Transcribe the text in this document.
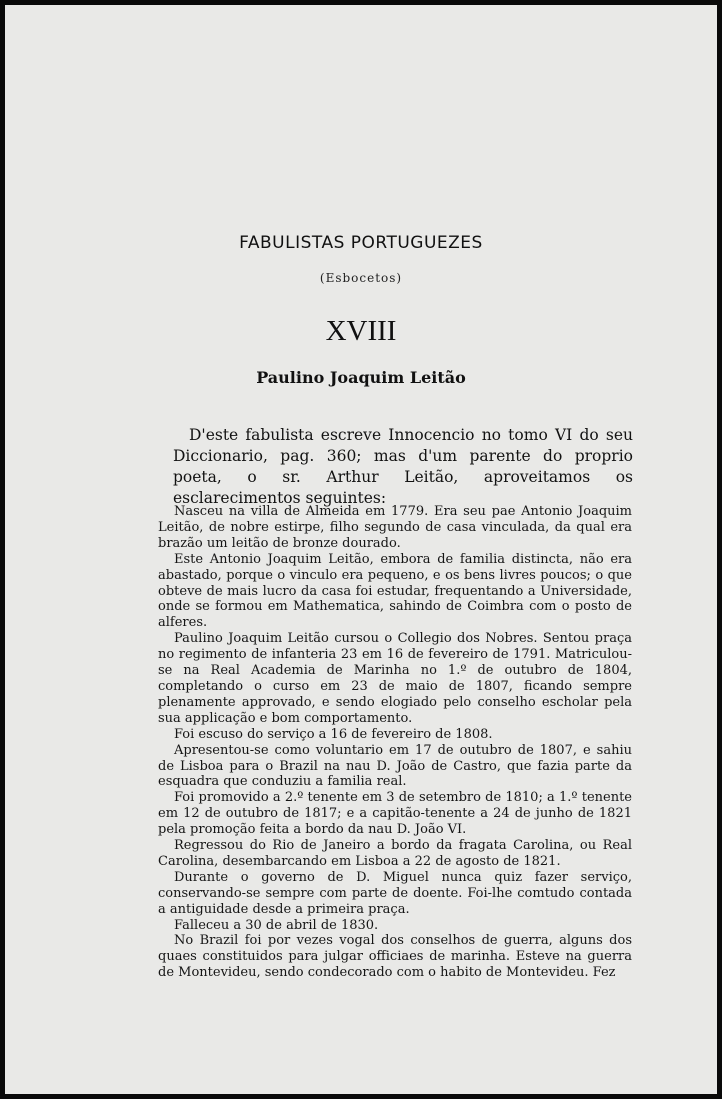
FABULISTAS PORTUGUEZES
(Esbocetos)
XVIII
Paulino Joaquim Leitão

D'este fabulista escreve Innocencio no tomo VI do seu Diccionario, pag. 360; mas d'um parente do proprio poeta, o sr. Arthur Leitão, aproveitamos os esclarecimentos seguintes:

Nasceu na villa de Almeida em 1779. Era seu pae Antonio Joaquim Leitão, de nobre estirpe, filho segundo de casa vinculada, da qual era brazão um leitão de bronze dourado.

Este Antonio Joaquim Leitão, embora de familia distincta, não era abastado, porque o vinculo era pequeno, e os bens livres poucos; o que obteve de mais lucro da casa foi estudar, frequentando a Universidade, onde se formou em Mathematica, sahindo de Coimbra com o posto de alferes.

Paulino Joaquim Leitão cursou o Collegio dos Nobres. Sentou praça no regimento de infanteria 23 em 16 de fevereiro de 1791. Matriculou-se na Real Academia de Marinha no 1.º de outubro de 1804, completando o curso em 23 de maio de 1807, ficando sempre plenamente approvado, e sendo elogiado pelo conselho escholar pela sua applicação e bom comportamento.

Foi escuso do serviço a 16 de fevereiro de 1808.

Apresentou-se como voluntario em 17 de outubro de 1807, e sahiu de Lisboa para o Brazil na nau D. João de Castro, que fazia parte da esquadra que conduziu a familia real.

Foi promovido a 2.º tenente em 3 de setembro de 1810; a 1.º tenente em 12 de outubro de 1817; e a capitão-tenente a 24 de junho de 1821 pela promoção feita a bordo da nau D. João VI.

Regressou do Rio de Janeiro a bordo da fragata Carolina, ou Real Carolina, desembarcando em Lisboa a 22 de agosto de 1821.

Durante o governo de D. Miguel nunca quiz fazer serviço, conservando-se sempre com parte de doente. Foi-lhe comtudo contada a antiguidade desde a primeira praça.

Falleceu a 30 de abril de 1830.

No Brazil foi por vezes vogal dos conselhos de guerra, alguns dos quaes constituidos para julgar officiaes de marinha. Esteve na guerra de Montevideu, sendo condecorado com o habito de Montevideu. Fez
